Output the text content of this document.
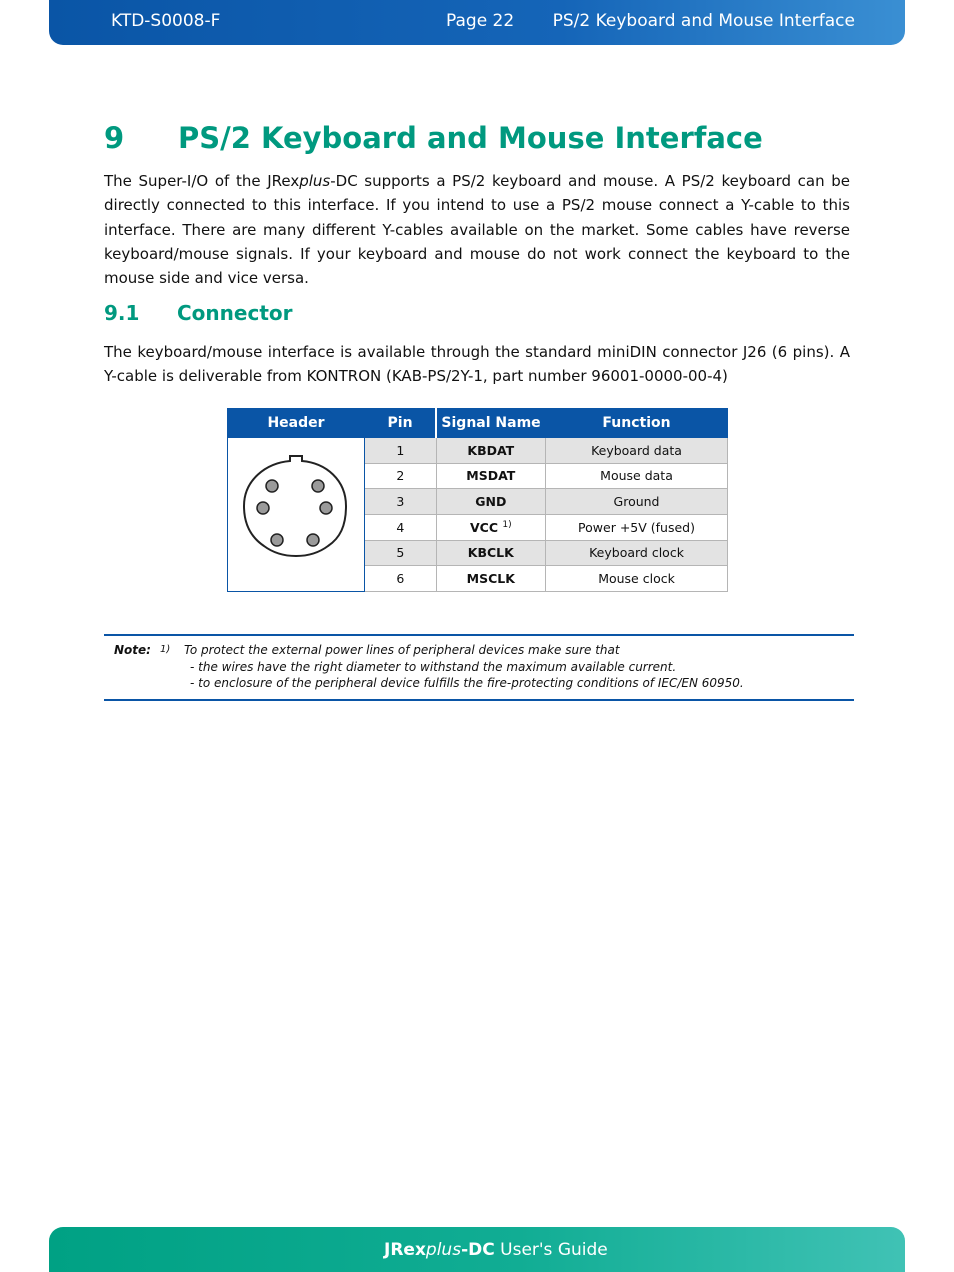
KTD-S0008-F	Page 22 PS/2 Keyboard and Mouse Interface
9 PS/2 Keyboard and Mouse Interface

The Super-I/O of the JRexplus-DC supports a PS/2 keyboard and mouse. A PS/2 keyboard can be directly connected to this interface. If you intend to use a PS/2 mouse connect a Y-cable to this interface. There are many different Y-cables available on the market. Some cables have reverse keyboard/mouse signals. If your keyboard and mouse do not work connect the keyboard to the mouse side and vice versa.

9.1 Connector

The keyboard/mouse interface is available through the standard miniDIN connector J26 (6 pins). A Y-cable is deliverable from KONTRON (KAB-PS/2Y-1, part number 96001-0000-00-4)

Header	Pin	Signal Name	Function
	1	KBDAT	Keyboard data
	2	MSDAT	Mouse data
	3	GND	Ground
	4	VCC $^{1)}$	Power +5V (fused)
	5	KBCLK	Keyboard clock
	6	MSCLK	Mouse clock
Note: 1) To protect the external power lines of peripheral devices make sure that
- the wires have the right diameter to withstand the maximum available current.
- to enclosure of the peripheral device fulfills the fire-protecting conditions of IEC/EN 60950.
JRexplus-DC User's Guide
